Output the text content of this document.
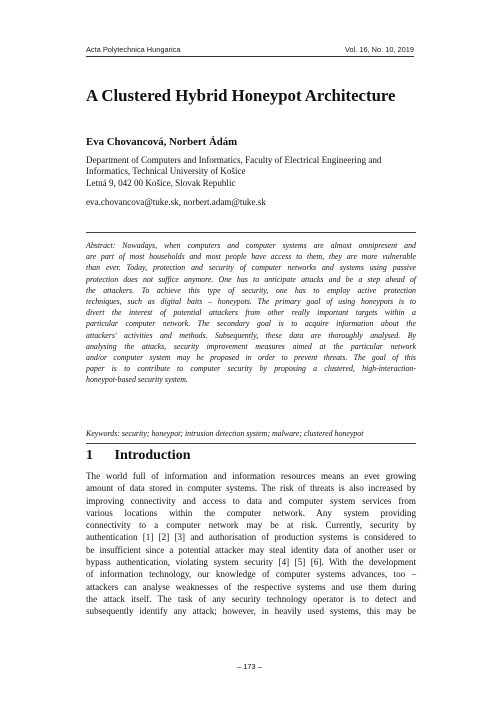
Acta Polytechnica Hungarica	Vol. 16, No. 10, 2019
A Clustered Hybrid Honeypot Architecture
Eva Chovancová, Norbert Ádám
Department of Computers and Informatics, Faculty of Electrical Engineering and
Informatics, Technical University of Košice
Letná 9, 042 00 Košice, Slovak Republic
eva.chovancova@tuke.sk, norbert.adam@tuke.sk
Abstract: Nowadays, when computers and computer systems are almost omnipresent and
are part of most households and most people have access to them, they are more vulnerable
than ever. Today, protection and security of computer networks and systems using passive
protection does not suffice anymore. One has to anticipate attacks and be a step ahead of
the attackers. To achieve this type of security, one has to employ active protection
techniques, such as digital baits – honeypots. The primary goal of using honeypots is to
divert the interest of potential attackers from other really important targets within a
particular computer network. The secondary goal is to acquire information about the
attackers' activities and methods. Subsequently, these data are thoroughly analysed. By
analysing the attacks, security improvement measures aimed at the particular network
and/or computer system may be proposed in order to prevent threats. The goal of this
paper is to contribute to computer security by proposing a clustered, high-interaction-
honeypot-based security system.
Keywords: security; honeypot; intrusion detection system; malware; clustered honeypot
1 Introduction
The world full of information and information resources means an ever growing
amount of data stored in computer systems. The risk of threats is also increased by
improving connectivity and access to data and computer system services from
various locations within the computer network. Any system providing
connectivity to a computer network may be at risk. Currently, security by
authentication [1] [2] [3] and authorisation of production systems is considered to
be insufficient since a potential attacker may steal identity data of another user or
bypass authentication, violating system security [4] [5] [6]. With the development
of information technology, our knowledge of computer systems advances, too –
attackers can analyse weaknesses of the respective systems and use them during
the attack itself. The task of any security technology operator is to detect and
subsequently identify any attack; however, in heavily used systems, this may be
– 173 –
